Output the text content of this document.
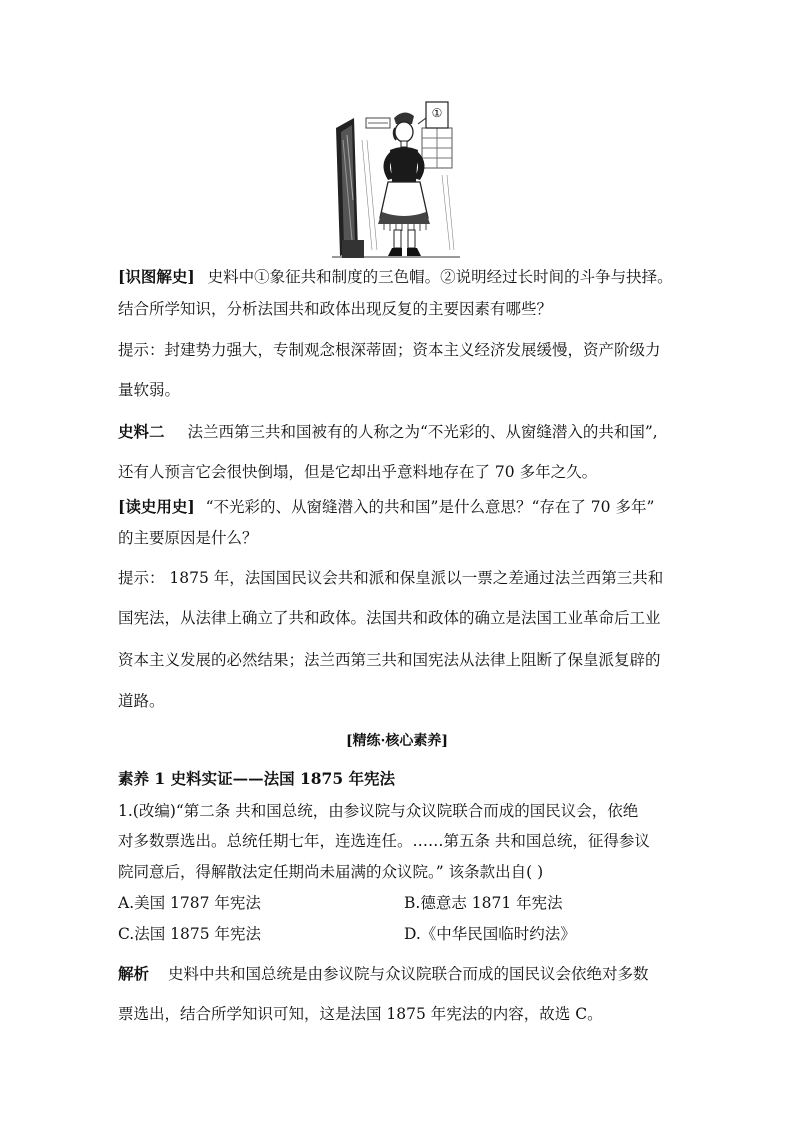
①
[识图解史] 史料中①象征共和制度的三色帽。②说明经过长时间的斗争与抉择。
结合所学知识，分析法国共和政体出现反复的主要因素有哪些？
提示：封建势力强大，专制观念根深蒂固；资本主义经济发展缓慢，资产阶级力
量软弱。
史料二 法兰西第三共和国被有的人称之为“不光彩的、从窗缝潜入的共和国”,
还有人预言它会很快倒塌，但是它却出乎意料地存在了 70 多年之久。
[读史用史] “不光彩的、从窗缝潜入的共和国”是什么意思？“存在了 70 多年”
的主要原因是什么？
提示： 1875 年，法国国民议会共和派和保皇派以一票之差通过法兰西第三共和
国宪法，从法律上确立了共和政体。法国共和政体的确立是法国工业革命后工业
资本主义发展的必然结果；法兰西第三共和国宪法从法律上阻断了保皇派复辟的
道路。
[精练·核心素养]
素养 1 史料实证——法国 1875 年宪法
1.(改编)“第二条 共和国总统，由参议院与众议院联合而成的国民议会，依绝
对多数票选出。总统任期七年，连选连任。……第五条 共和国总统，征得参议
院同意后，得解散法定任期尚未届满的众议院。” 该条款出自( )
A.美国 1787 年宪法	B.德意志 1871 年宪法
C.法国 1875 年宪法	D.《中华民国临时约法》
解析 史料中共和国总统是由参议院与众议院联合而成的国民议会依绝对多数
票选出，结合所学知识可知，这是法国 1875 年宪法的内容，故选 C。
